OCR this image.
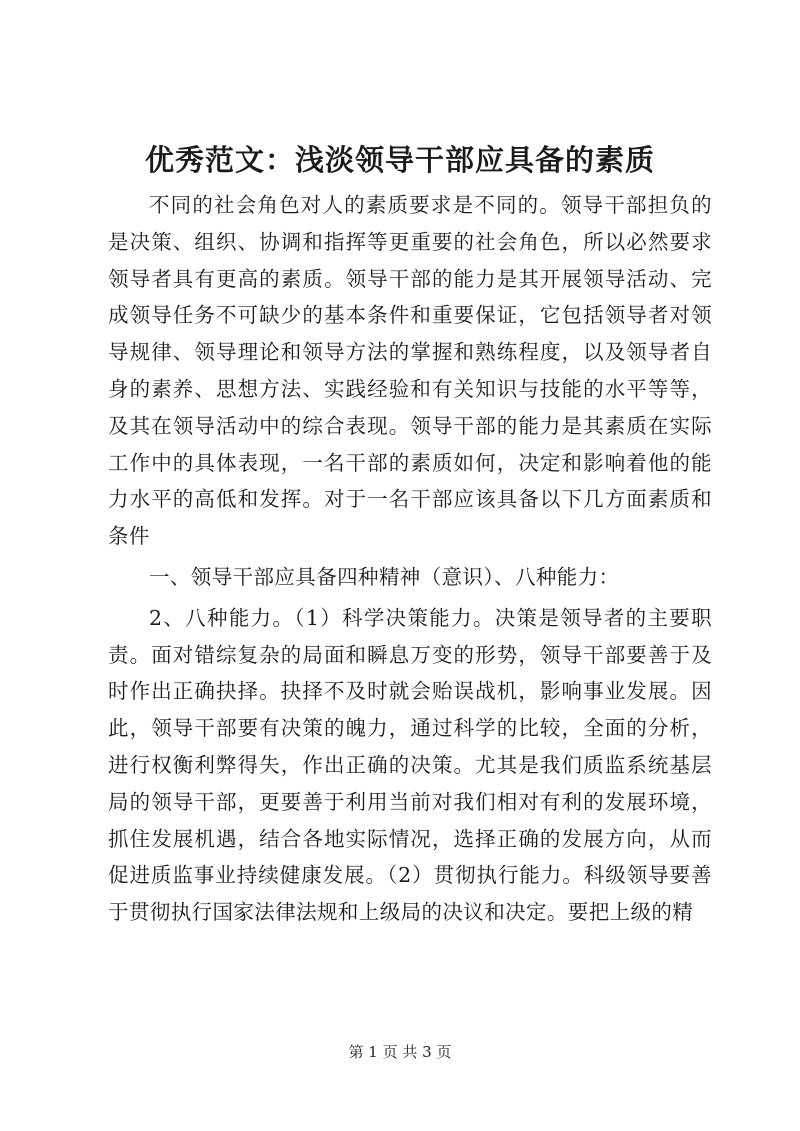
优秀范文：浅淡领导干部应具备的素质

不同的社会角色对人的素质要求是不同的。领导干部担负的是决策、组织、协调和指挥等更重要的社会角色，所以必然要求领导者具有更高的素质。领导干部的能力是其开展领导活动、完成领导任务不可缺少的基本条件和重要保证，它包括领导者对领导规律、领导理论和领导方法的掌握和熟练程度，以及领导者自身的素养、思想方法、实践经验和有关知识与技能的水平等等，及其在领导活动中的综合表现。领导干部的能力是其素质在实际工作中的具体表现，一名干部的素质如何，决定和影响着他的能力水平的高低和发挥。对于一名干部应该具备以下几方面素质和条件

一、领导干部应具备四种精神（意识）、八种能力：

2、八种能力。（1）科学决策能力。决策是领导者的主要职责。面对错综复杂的局面和瞬息万变的形势，领导干部要善于及时作出正确抉择。抉择不及时就会贻误战机，影响事业发展。因此，领导干部要有决策的魄力，通过科学的比较，全面的分析，进行权衡利弊得失，作出正确的决策。尤其是我们质监系统基层局的领导干部，更要善于利用当前对我们相对有利的发展环境，抓住发展机遇，结合各地实际情况，选择正确的发展方向，从而促进质监事业持续健康发展。（2）贯彻执行能力。科级领导要善于贯彻执行国家法律法规和上级局的决议和决定。要把上级的精

第 1 页 共 3 页
